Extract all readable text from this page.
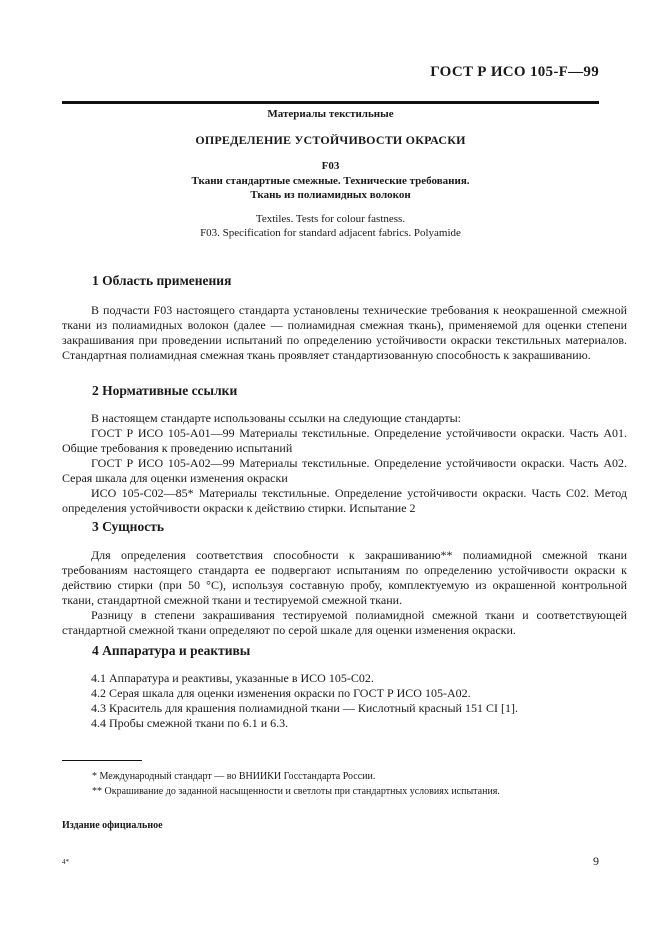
ГОСТ Р ИСО 105-F—99
Материалы текстильные
ОПРЕДЕЛЕНИЕ УСТОЙЧИВОСТИ ОКРАСКИ
F03
Ткани стандартные смежные. Технические требования.
Ткань из полиамидных волокон
Textiles. Tests for colour fastness.
F03. Specification for standard adjacent fabrics. Polyamide
1 Область применения

В подчасти F03 настоящего стандарта установлены технические требования к неокрашенной смежной ткани из полиамидных волокон (далее — полиамидная смежная ткань), применяемой для оценки степени закрашивания при проведении испытаний по определению устойчивости окраски текстильных материалов. Стандартная полиамидная смежная ткань проявляет стандартизованную способность к закрашиванию.

2 Нормативные ссылки

В настоящем стандарте использованы ссылки на следующие стандарты:

ГОСТ Р ИСО 105-А01—99 Материалы текстильные. Определение устойчивости окраски. Часть А01. Общие требования к проведению испытаний

ГОСТ Р ИСО 105-А02—99 Материалы текстильные. Определение устойчивости окраски. Часть А02. Серая шкала для оценки изменения окраски

ИСО 105-С02—85* Материалы текстильные. Определение устойчивости окраски. Часть С02. Метод определения устойчивости окраски к действию стирки. Испытание 2

3 Сущность

Для определения соответствия способности к закрашиванию** полиамидной смежной ткани требованиям настоящего стандарта ее подвергают испытаниям по определению устойчивости окраски к действию стирки (при 50 °С), используя составную пробу, комплектуемую из окрашенной контрольной ткани, стандартной смежной ткани и тестируемой смежной ткани.

Разницу в степени закрашивания тестируемой полиамидной смежной ткани и соответствующей стандартной смежной ткани определяют по серой шкале для оценки изменения окраски.

4 Аппаратура и реактивы

4.1 Аппаратура и реактивы, указанные в ИСО 105-С02.

4.2 Серая шкала для оценки изменения окраски по ГОСТ Р ИСО 105-А02.

4.3 Краситель для крашения полиамидной ткани — Кислотный красный 151 CI [1].

4.4 Пробы смежной ткани по 6.1 и 6.3.

* Международный стандарт — во ВНИИКИ Госстандарта России.

** Окрашивание до заданной насыщенности и светлоты при стандартных условиях испытания.

Издание официальное
4*	9
